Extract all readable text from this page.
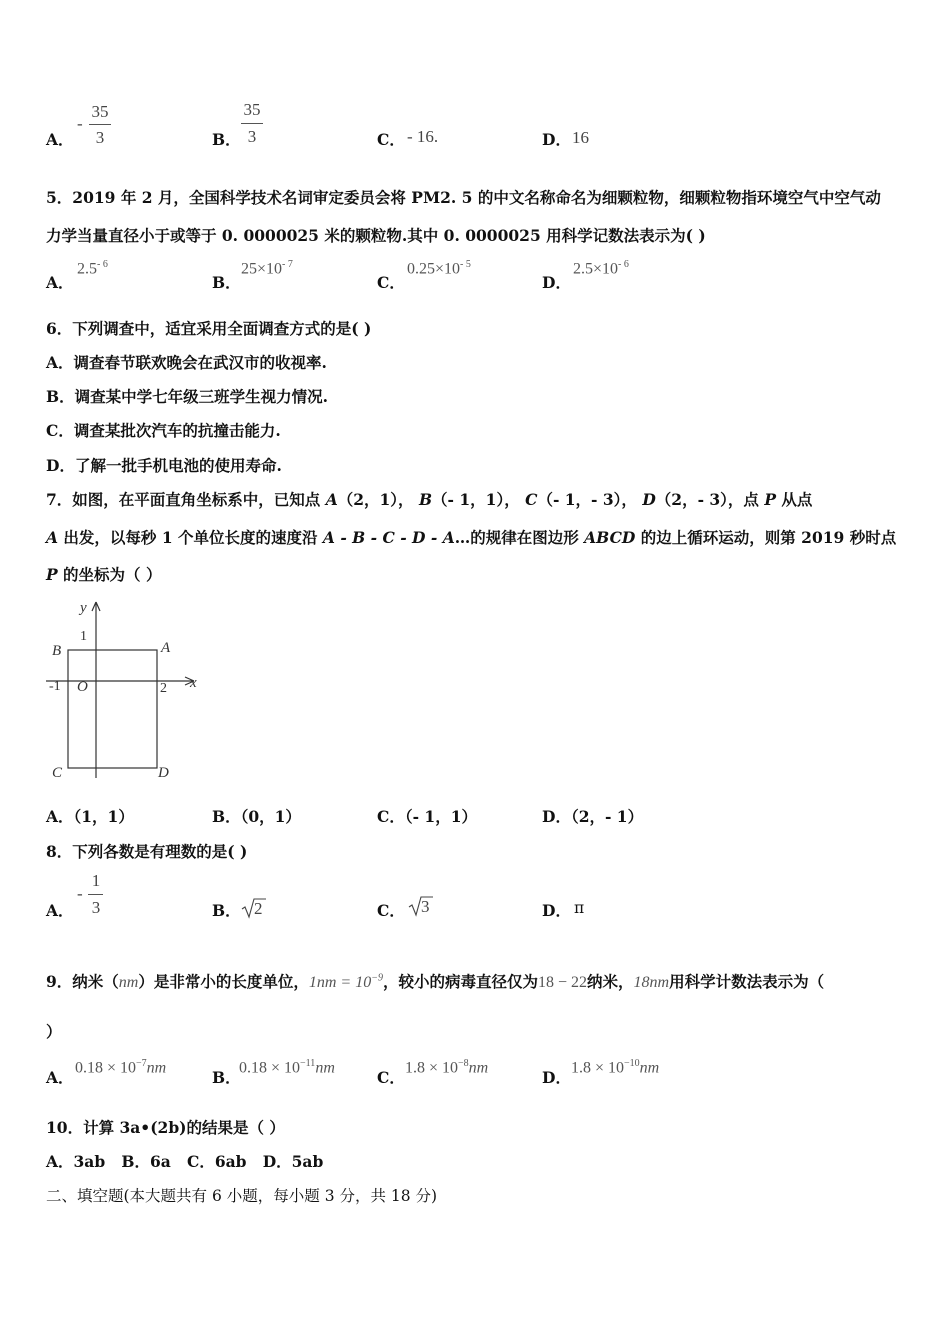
A．
-
35
3	B．
35
3	C． - 16.	D． 16
5．2019 年 2 月，全国科学技术名词审定委员会将 PM2. 5 的中文名称命名为细颗粒物，细颗粒物指环境空气中空气动
力学当量直径小于或等于 0. 0000025 米的颗粒物.其中 0. 0000025 用科学记数法表示为( )
A．
$2.5^{- 6}$
B．
$25\times 10^{- 7}$
C．
$0.25\times 10^{- 5}$
D．
$2.5\times 10^{- 6}$
6．下列调查中，适宜采用全面调查方式的是( )
A．调查春节联欢晚会在武汉市的收视率.
B．调查某中学七年级三班学生视力情况.
C．调查某批次汽车的抗撞击能力.
D．了解一批手机电池的使用寿命.
7．如图，在平面直角坐标系中，已知点 A（2，1）， B（- 1，1）， C（- 1，- 3）， D（2，- 3），点 P 从点
A 出发，以每秒 1 个单位长度的速度沿 A - B - C - D - A…的规律在图边形 ABCD 的边上循环运动，则第 2019 秒时点
P 的坐标为（ ）
y
x
1
-1	2
O
B	A
C	D
A．（1，1）	B．（0，1）	C．（- 1，1）	D．（2，- 1）
8．下列各数是有理数的是( )
A．
-
1
3	B． 2	C． 3	D． π
9．纳米（nm）是非常小的长度单位，$1nm = 10^{-9}$，较小的病毒直径仅为18 − 22纳米，18nm用科学计数法表示为（
）
A．
$0.18 \times 10^{-7}nm$
B．
$0.18 \times 10^{-11}nm$
C．
$1.8 \times 10^{-8}nm$
D．
$1.8 \times 10^{-10}nm$
10．计算 3a•(2b)的结果是（ ）
A．3ab   B．6a   C．6ab   D．5ab
二、填空题(本大题共有 6 小题，每小题 3 分，共 18 分)
